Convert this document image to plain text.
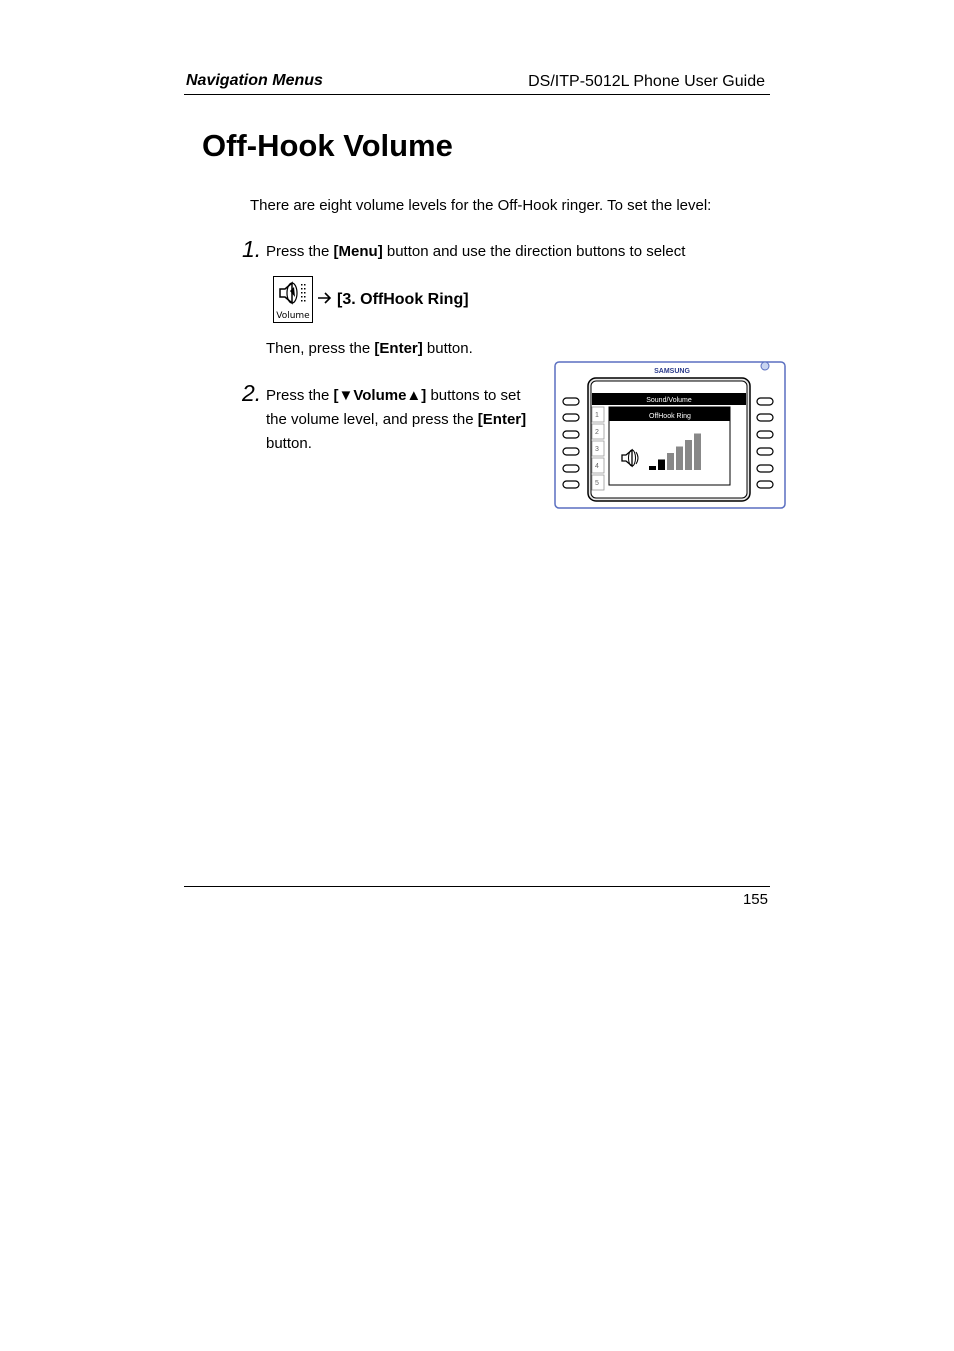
Navigation Menus	DS/ITP-5012L Phone User Guide
Off-Hook Volume
There are eight volume levels for the Off-Hook ringer. To set the level:
1. Press the [Menu] button and use the direction buttons to select
Volume
[3. OffHook Ring]
Then, press the [Enter] button.
2. Press the [▼Volume▲] buttons to set
the volume level, and press the [Enter]
button.
SAMSUNG
Sound/Volume
1
2
3
4
5
OffHook Ring
155
